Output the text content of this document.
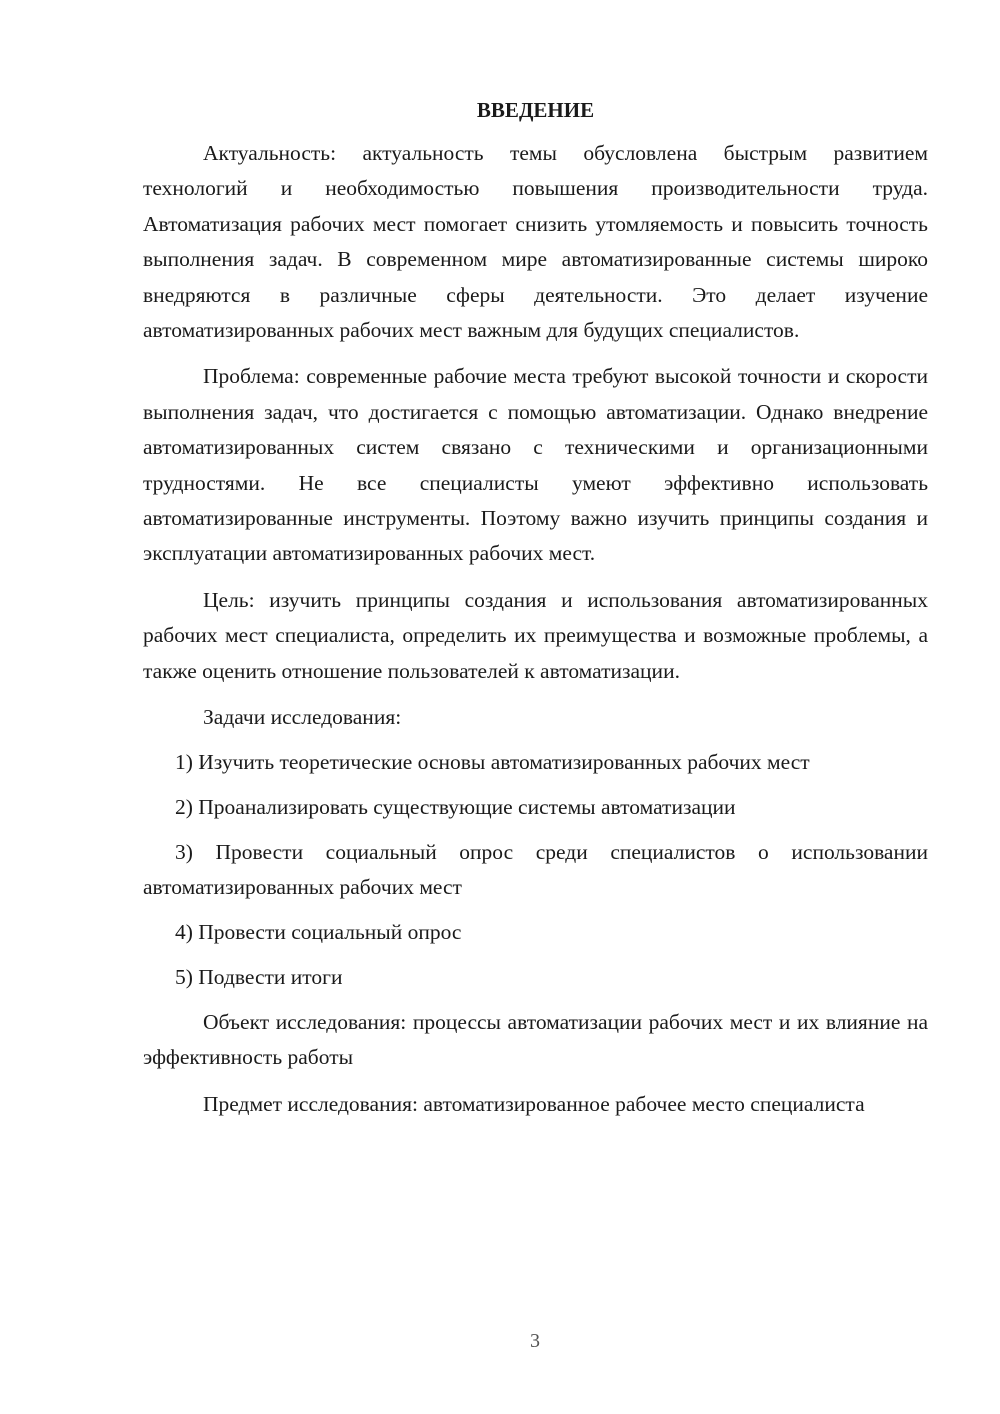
ВВЕДЕНИЕ

Актуальность: актуальность темы обусловлена быстрым развитием технологий и необходимостью повышения производительности труда. Автоматизация рабочих мест помогает снизить утомляемость и повысить точность выполнения задач. В современном мире автоматизированные системы широко внедряются в различные сферы деятельности. Это делает изучение автоматизированных рабочих мест важным для будущих специалистов.

Проблема: современные рабочие места требуют высокой точности и скорости выполнения задач, что достигается с помощью автоматизации. Однако внедрение автоматизированных систем связано с техническими и организационными трудностями. Не все специалисты умеют эффективно использовать автоматизированные инструменты. Поэтому важно изучить принципы создания и эксплуатации автоматизированных рабочих мест.

Цель: изучить принципы создания и использования автоматизированных рабочих мест специалиста, определить их преимущества и возможные проблемы, а также оценить отношение пользователей к автоматизации.

Задачи исследования:

1) Изучить теоретические основы автоматизированных рабочих мест

2) Проанализировать существующие системы автоматизации

3) Провести социальный опрос среди специалистов о использовании автоматизированных рабочих мест

4) Провести социальный опрос

5) Подвести итоги

Объект исследования: процессы автоматизации рабочих мест и их влияние на эффективность работы

Предмет исследования: автоматизированное рабочее место специалиста

3
